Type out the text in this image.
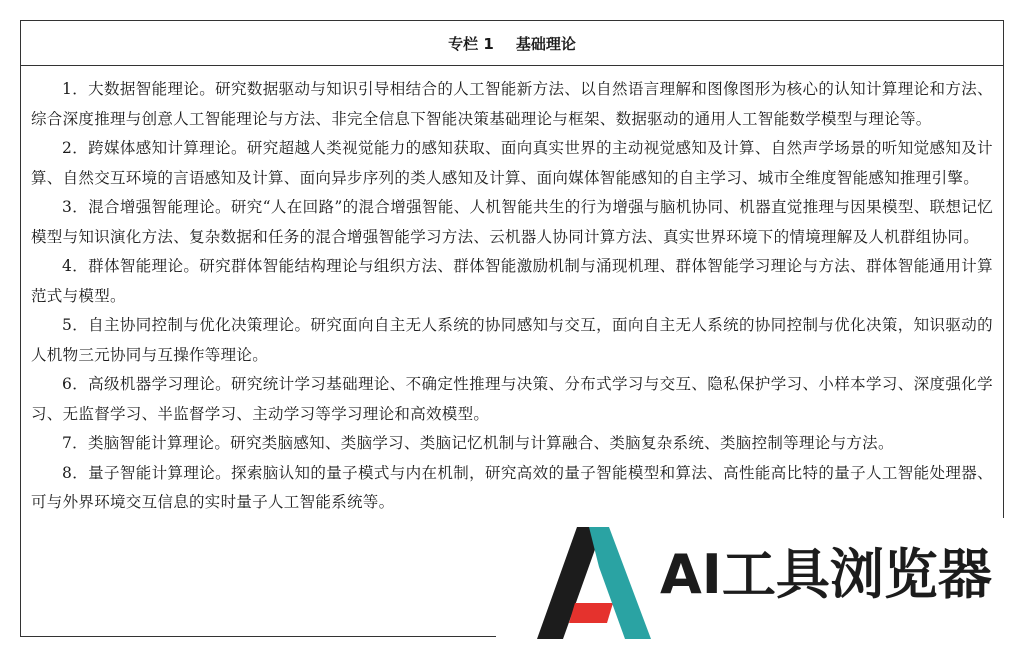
专栏 1 基础理论

1．大数据智能理论。研究数据驱动与知识引导相结合的人工智能新方法、以自然语言理解和图像图形为核心的认知计算理论和方法、综合深度推理与创意人工智能理论与方法、非完全信息下智能决策基础理论与框架、数据驱动的通用人工智能数学模型与理论等。

2．跨媒体感知计算理论。研究超越人类视觉能力的感知获取、面向真实世界的主动视觉感知及计算、自然声学场景的听知觉感知及计算、自然交互环境的言语感知及计算、面向异步序列的类人感知及计算、面向媒体智能感知的自主学习、城市全维度智能感知推理引擎。

3．混合增强智能理论。研究“人在回路”的混合增强智能、人机智能共生的行为增强与脑机协同、机器直觉推理与因果模型、联想记忆模型与知识演化方法、复杂数据和任务的混合增强智能学习方法、云机器人协同计算方法、真实世界环境下的情境理解及人机群组协同。

4．群体智能理论。研究群体智能结构理论与组织方法、群体智能激励机制与涌现机理、群体智能学习理论与方法、群体智能通用计算范式与模型。

5．自主协同控制与优化决策理论。研究面向自主无人系统的协同感知与交互，面向自主无人系统的协同控制与优化决策，知识驱动的人机物三元协同与互操作等理论。

6．高级机器学习理论。研究统计学习基础理论、不确定性推理与决策、分布式学习与交互、隐私保护学习、小样本学习、深度强化学习、无监督学习、半监督学习、主动学习等学习理论和高效模型。

7．类脑智能计算理论。研究类脑感知、类脑学习、类脑记忆机制与计算融合、类脑复杂系统、类脑控制等理论与方法。

8．量子智能计算理论。探索脑认知的量子模式与内在机制，研究高效的量子智能模型和算法、高性能高比特的量子人工智能处理器、可与外界环境交互信息的实时量子人工智能系统等。

AI工具浏览器
